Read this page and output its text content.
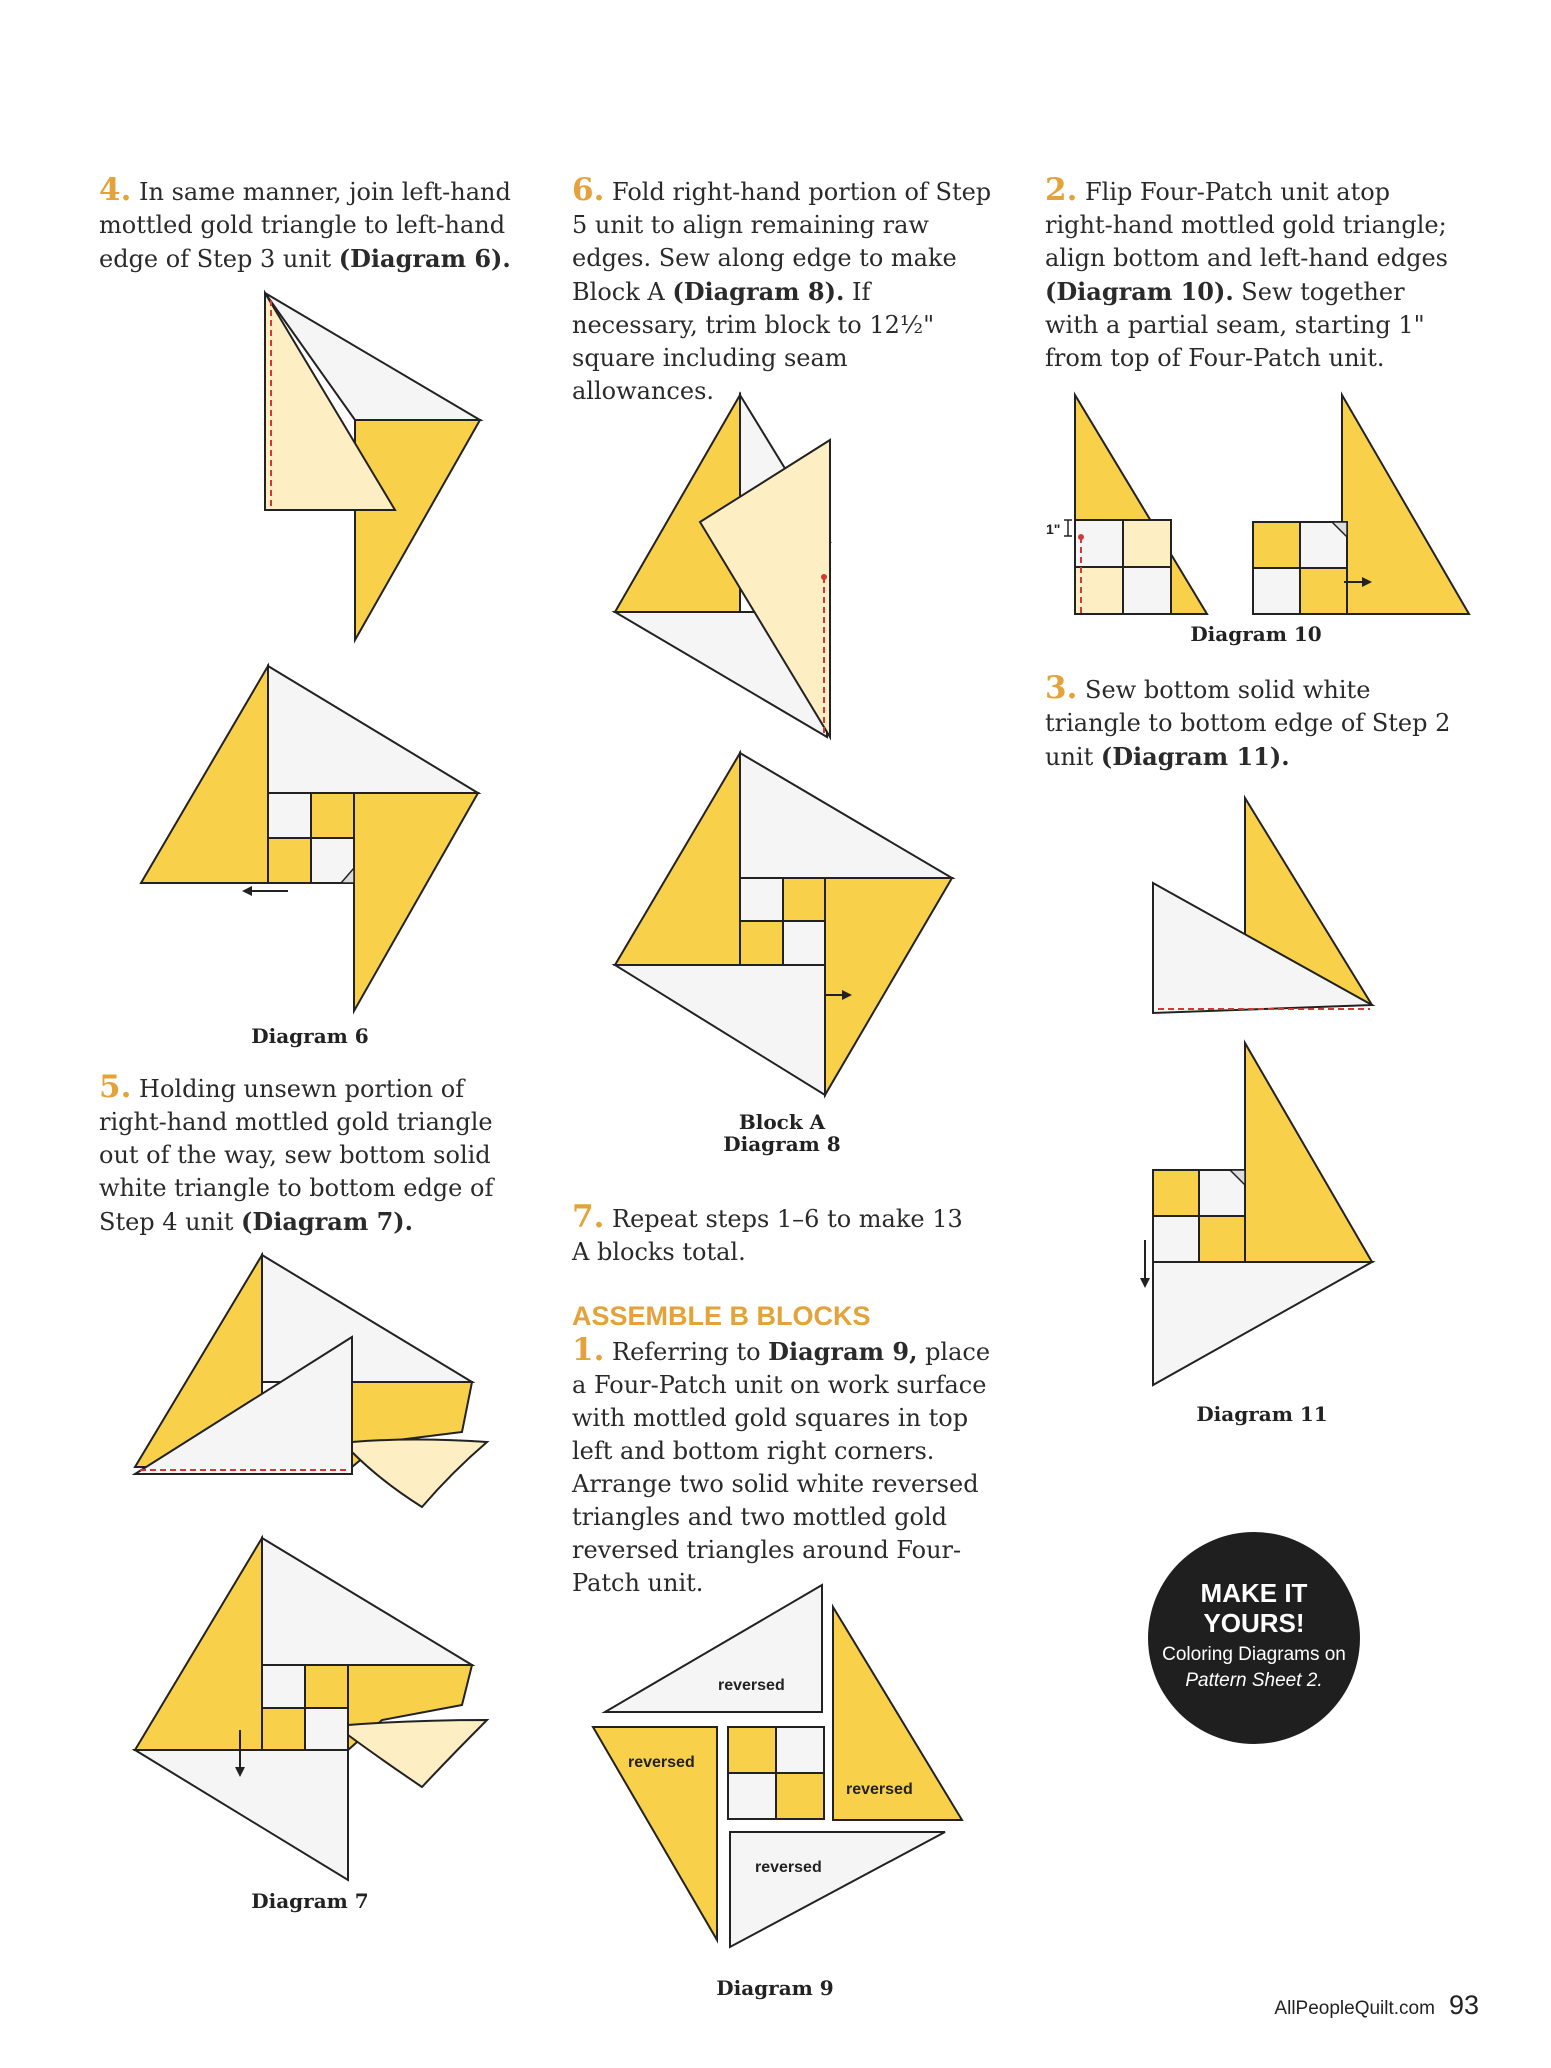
4. In same manner, join left-hand mottled gold triangle to left-hand edge of Step 3 unit (Diagram 6).
6. Fold right-hand portion of Step 5 unit to align remaining raw edges. Sew along edge to make Block A (Diagram 8). If necessary, trim block to 12½" square including seam allowances.
2. Flip Four-Patch unit atop right-hand mottled gold triangle; align bottom and left-hand edges (Diagram 10). Sew together with a partial seam, starting 1" from top of Four-Patch unit.
Diagram 6
5. Holding unsewn portion of right-hand mottled gold triangle out of the way, sew bottom solid white triangle to bottom edge of Step 4 unit (Diagram 7).
Diagram 7
Block A
Diagram 8
7. Repeat steps 1–6 to make 13 A blocks total.
ASSEMBLE B BLOCKS
1. Referring to Diagram 9, place a Four-Patch unit on work surface with mottled gold squares in top left and bottom right corners. Arrange two solid white reversed triangles and two mottled gold reversed triangles around Four-Patch unit.
reversed
reversed
reversed
reversed
Diagram 9
1"
Diagram 10
3. Sew bottom solid white triangle to bottom edge of Step 2 unit (Diagram 11).
Diagram 11
MAKE IT YOURS!
Coloring Diagrams on Pattern Sheet 2.
AllPeopleQuilt.com 93
